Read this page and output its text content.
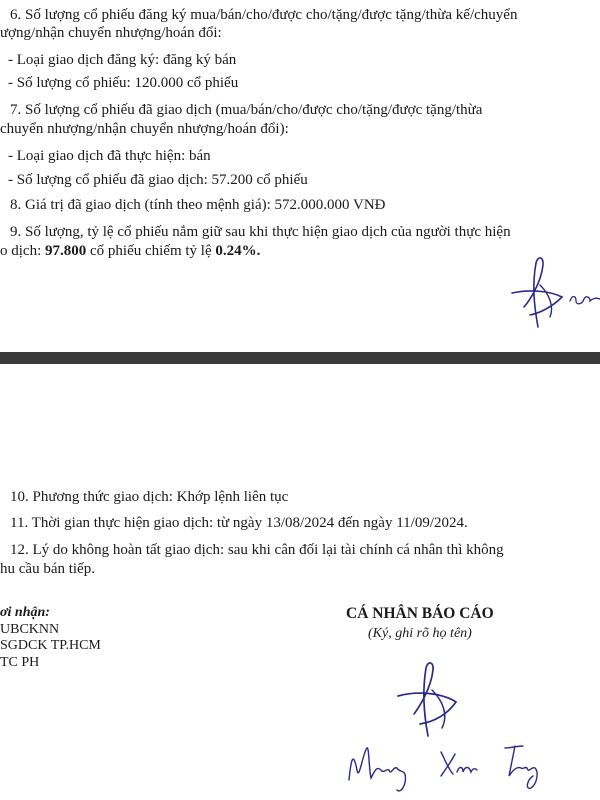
6. Số lượng cổ phiếu đăng ký mua/bán/cho/được cho/tặng/được tặng/thừa kế/chuyển
ượng/nhận chuyển nhượng/hoán đổi:
- Loại giao dịch đăng ký: đăng ký bán
- Số lượng cổ phiếu: 120.000 cổ phiếu
7. Số lượng cổ phiếu đã giao dịch (mua/bán/cho/được cho/tặng/được tặng/thừa
chuyển nhượng/nhận chuyển nhượng/hoán đổi):
- Loại giao dịch đã thực hiện: bán
- Số lượng cổ phiếu đã giao dịch: 57.200 cổ phiếu
8. Giá trị đã giao dịch (tính theo mệnh giá): 572.000.000 VNĐ
9. Số lượng, tỷ lệ cổ phiếu nắm giữ sau khi thực hiện giao dịch của người thực hiện
o dịch: 97.800 cổ phiếu chiếm tỷ lệ 0.24%.
10. Phương thức giao dịch: Khớp lệnh liên tục
11. Thời gian thực hiện giao dịch: từ ngày 13/08/2024 đến ngày 11/09/2024.
12. Lý do không hoàn tất giao dịch: sau khi cân đối lại tài chính cá nhân thì không
hu cầu bán tiếp.
ơi nhận:
UBCKNN
SGDCK TP.HCM
TC PH
CÁ NHÂN BÁO CÁO
(Ký, ghi rõ họ tên)
